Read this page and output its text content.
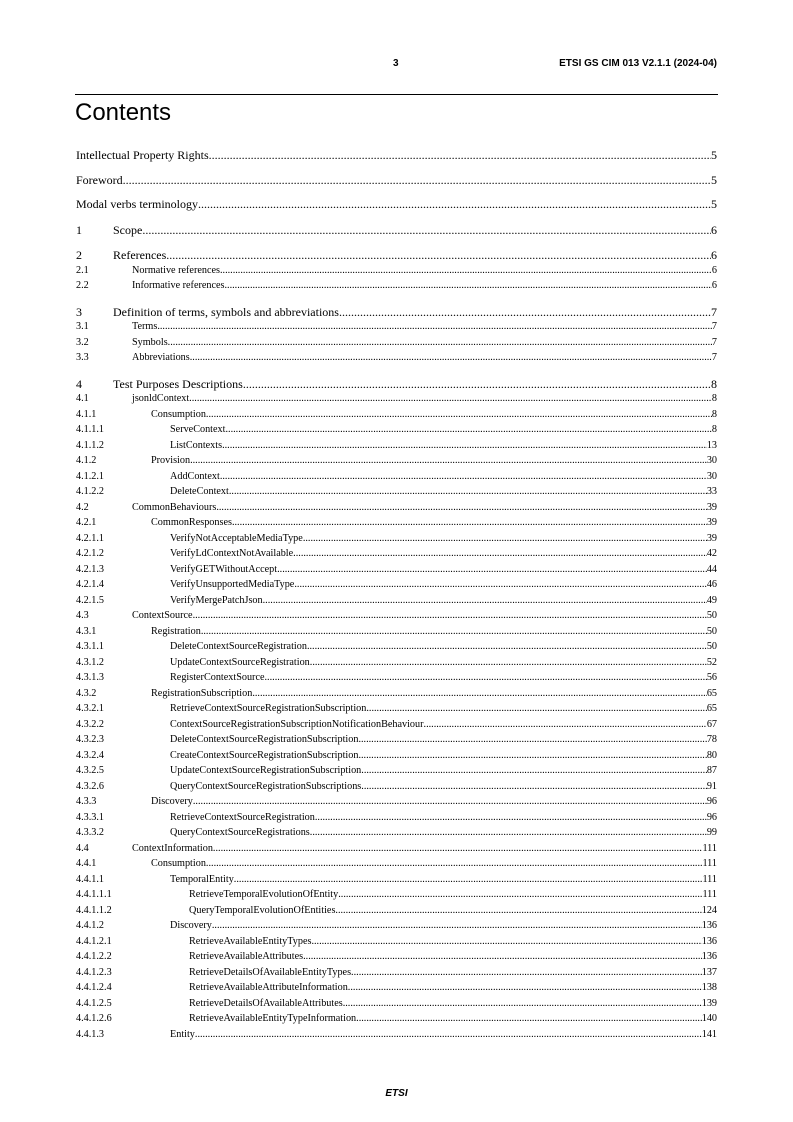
3	ETSI GS CIM 013 V2.1.1 (2024-04)
Contents
Intellectual Property Rights .....	5
Foreword .....	5
Modal verbs terminology .....	5
1	Scope .....	6
2	References .....	6
2.1	Normative references .....	6
2.2	Informative references .....	6
3	Definition of terms, symbols and abbreviations .....	7
3.1	Terms .....	7
3.2	Symbols .....	7
3.3	Abbreviations .....	7
4	Test Purposes Descriptions .....	8
4.1	jsonldContext .....	8
4.1.1	Consumption .....	8
4.1.1.1	ServeContext .....	8
4.1.1.2	ListContexts .....	13
4.1.2	Provision .....	30
4.1.2.1	AddContext .....	30
4.1.2.2	DeleteContext .....	33
4.2	CommonBehaviours .....	39
4.2.1	CommonResponses .....	39
4.2.1.1	VerifyNotAcceptableMediaType .....	39
4.2.1.2	VerifyLdContextNotAvailable .....	42
4.2.1.3	VerifyGETWithoutAccept .....	44
4.2.1.4	VerifyUnsupportedMediaType .....	46
4.2.1.5	VerifyMergePatchJson .....	49
4.3	ContextSource .....	50
4.3.1	Registration .....	50
4.3.1.1	DeleteContextSourceRegistration .....	50
4.3.1.2	UpdateContextSourceRegistration .....	52
4.3.1.3	RegisterContextSource .....	56
4.3.2	RegistrationSubscription .....	65
4.3.2.1	RetrieveContextSourceRegistrationSubscription .....	65
4.3.2.2	ContextSourceRegistrationSubscriptionNotificationBehaviour .....	67
4.3.2.3	DeleteContextSourceRegistrationSubscription .....	78
4.3.2.4	CreateContextSourceRegistrationSubscription .....	80
4.3.2.5	UpdateContextSourceRegistrationSubscription .....	87
4.3.2.6	QueryContextSourceRegistrationSubscriptions .....	91
4.3.3	Discovery .....	96
4.3.3.1	RetrieveContextSourceRegistration .....	96
4.3.3.2	QueryContextSourceRegistrations .....	99
4.4	ContextInformation .....	111
4.4.1	Consumption .....	111
4.4.1.1	TemporalEntity .....	111
4.4.1.1.1	RetrieveTemporalEvolutionOfEntity .....	111
4.4.1.1.2	QueryTemporalEvolutionOfEntities .....	124
4.4.1.2	Discovery .....	136
4.4.1.2.1	RetrieveAvailableEntityTypes .....	136
4.4.1.2.2	RetrieveAvailableAttributes .....	136
4.4.1.2.3	RetrieveDetailsOfAvailableEntityTypes .....	137
4.4.1.2.4	RetrieveAvailableAttributeInformation .....	138
4.4.1.2.5	RetrieveDetailsOfAvailableAttributes .....	139
4.4.1.2.6	RetrieveAvailableEntityTypeInformation .....	140
4.4.1.3	Entity .....	141
ETSI
